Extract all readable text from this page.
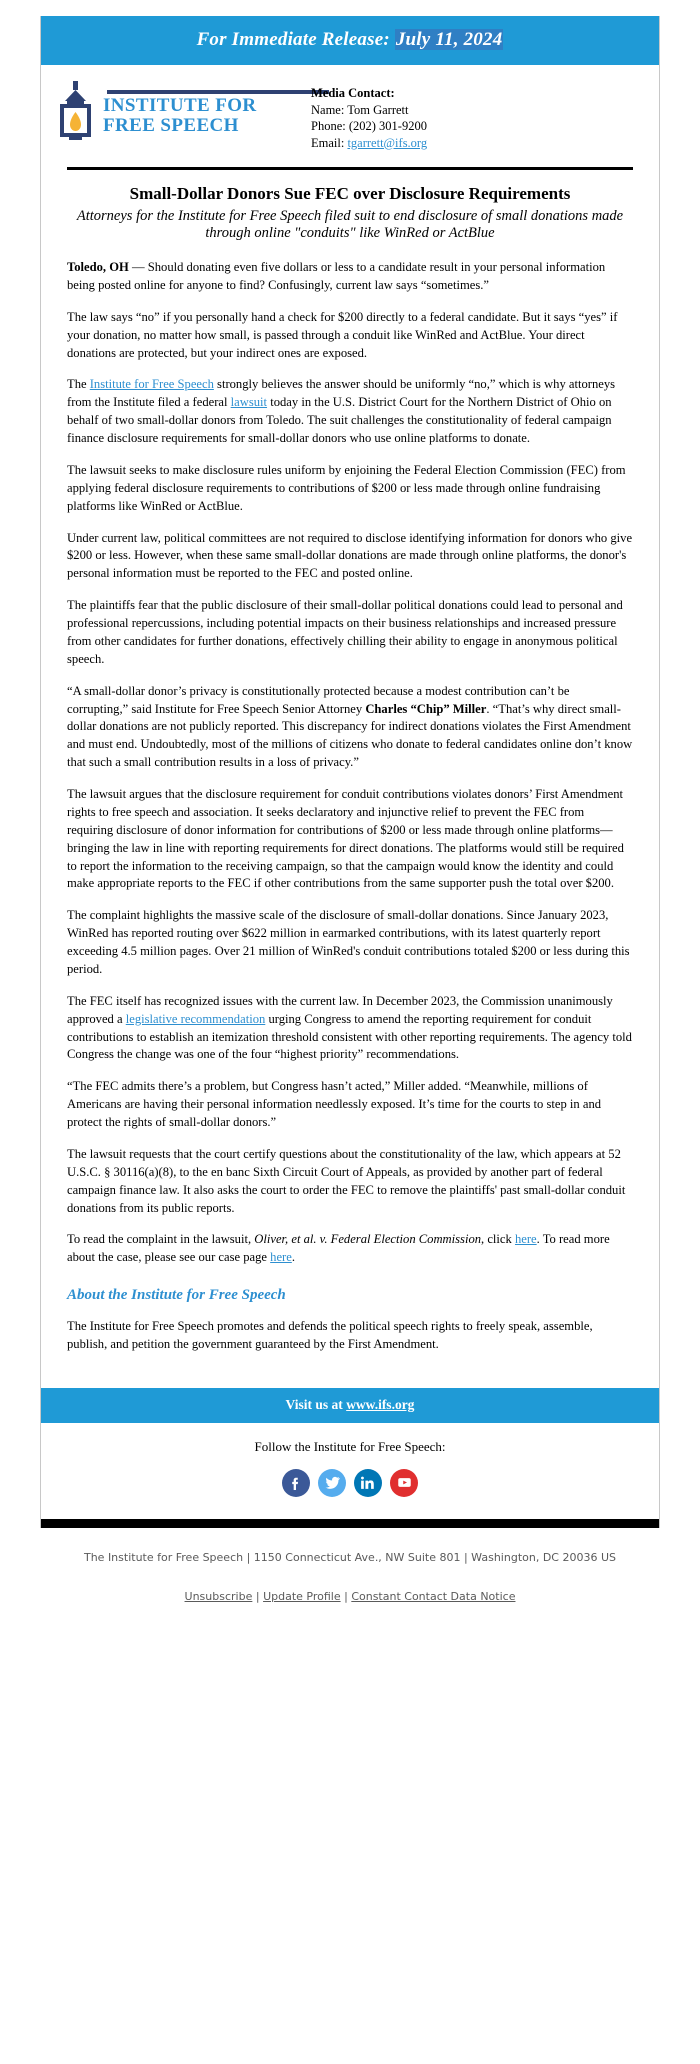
For Immediate Release: July 11, 2024
INSTITUTE FOR
FREE SPEECH
Media Contact:
Name: Tom Garrett
Phone: (202) 301-9200
Email: tgarrett@ifs.org
Small-Dollar Donors Sue FEC over Disclosure Requirements
Attorneys for the Institute for Free Speech filed suit to end disclosure of small donations made through online "conduits" like WinRed or ActBlue

Toledo, OH — Should donating even five dollars or less to a candidate result in your personal information being posted online for anyone to find? Confusingly, current law says “sometimes.”

The law says “no” if you personally hand a check for $200 directly to a federal candidate. But it says “yes” if your donation, no matter how small, is passed through a conduit like WinRed and ActBlue. Your direct donations are protected, but your indirect ones are exposed.

The Institute for Free Speech strongly believes the answer should be uniformly “no,” which is why attorneys from the Institute filed a federal lawsuit today in the U.S. District Court for the Northern District of Ohio on behalf of two small-dollar donors from Toledo. The suit challenges the constitutionality of federal campaign finance disclosure requirements for small-dollar donors who use online platforms to donate.

The lawsuit seeks to make disclosure rules uniform by enjoining the Federal Election Commission (FEC) from applying federal disclosure requirements to contributions of $200 or less made through online fundraising platforms like WinRed or ActBlue.

Under current law, political committees are not required to disclose identifying information for donors who give $200 or less. However, when these same small-dollar donations are made through online platforms, the donor's personal information must be reported to the FEC and posted online.

The plaintiffs fear that the public disclosure of their small-dollar political donations could lead to personal and professional repercussions, including potential impacts on their business relationships and increased pressure from other candidates for further donations, effectively chilling their ability to engage in anonymous political speech.

“A small-dollar donor’s privacy is constitutionally protected because a modest contribution can’t be corrupting,” said Institute for Free Speech Senior Attorney Charles “Chip” Miller. “That’s why direct small-dollar donations are not publicly reported. This discrepancy for indirect donations violates the First Amendment and must end. Undoubtedly, most of the millions of citizens who donate to federal candidates online don’t know that such a small contribution results in a loss of privacy.”

The lawsuit argues that the disclosure requirement for conduit contributions violates donors’ First Amendment rights to free speech and association. It seeks declaratory and injunctive relief to prevent the FEC from requiring disclosure of donor information for contributions of $200 or less made through online platforms—bringing the law in line with reporting requirements for direct donations. The platforms would still be required to report the information to the receiving campaign, so that the campaign would know the identity and could make appropriate reports to the FEC if other contributions from the same supporter push the total over $200.

The complaint highlights the massive scale of the disclosure of small-dollar donations. Since January 2023, WinRed has reported routing over $622 million in earmarked contributions, with its latest quarterly report exceeding 4.5 million pages. Over 21 million of WinRed's conduit contributions totaled $200 or less during this period.

The FEC itself has recognized issues with the current law. In December 2023, the Commission unanimously approved a legislative recommendation urging Congress to amend the reporting requirement for conduit contributions to establish an itemization threshold consistent with other reporting requirements. The agency told Congress the change was one of the four “highest priority” recommendations.

“The FEC admits there’s a problem, but Congress hasn’t acted,” Miller added. “Meanwhile, millions of Americans are having their personal information needlessly exposed. It’s time for the courts to step in and protect the rights of small-dollar donors.”

The lawsuit requests that the court certify questions about the constitutionality of the law, which appears at 52 U.S.C. § 30116(a)(8), to the en banc Sixth Circuit Court of Appeals, as provided by another part of federal campaign finance law. It also asks the court to order the FEC to remove the plaintiffs' past small-dollar conduit donations from its public reports.

To read the complaint in the lawsuit, Oliver, et al. v. Federal Election Commission, click here. To read more about the case, please see our case page here.

About the Institute for Free Speech

The Institute for Free Speech promotes and defends the political speech rights to freely speak, assemble, publish, and petition the government guaranteed by the First Amendment.

Visit us at www.ifs.org
Follow the Institute for Free Speech:
The Institute for Free Speech | 1150 Connecticut Ave., NW Suite 801 | Washington, DC 20036 US
Unsubscribe | Update Profile | Constant Contact Data Notice
